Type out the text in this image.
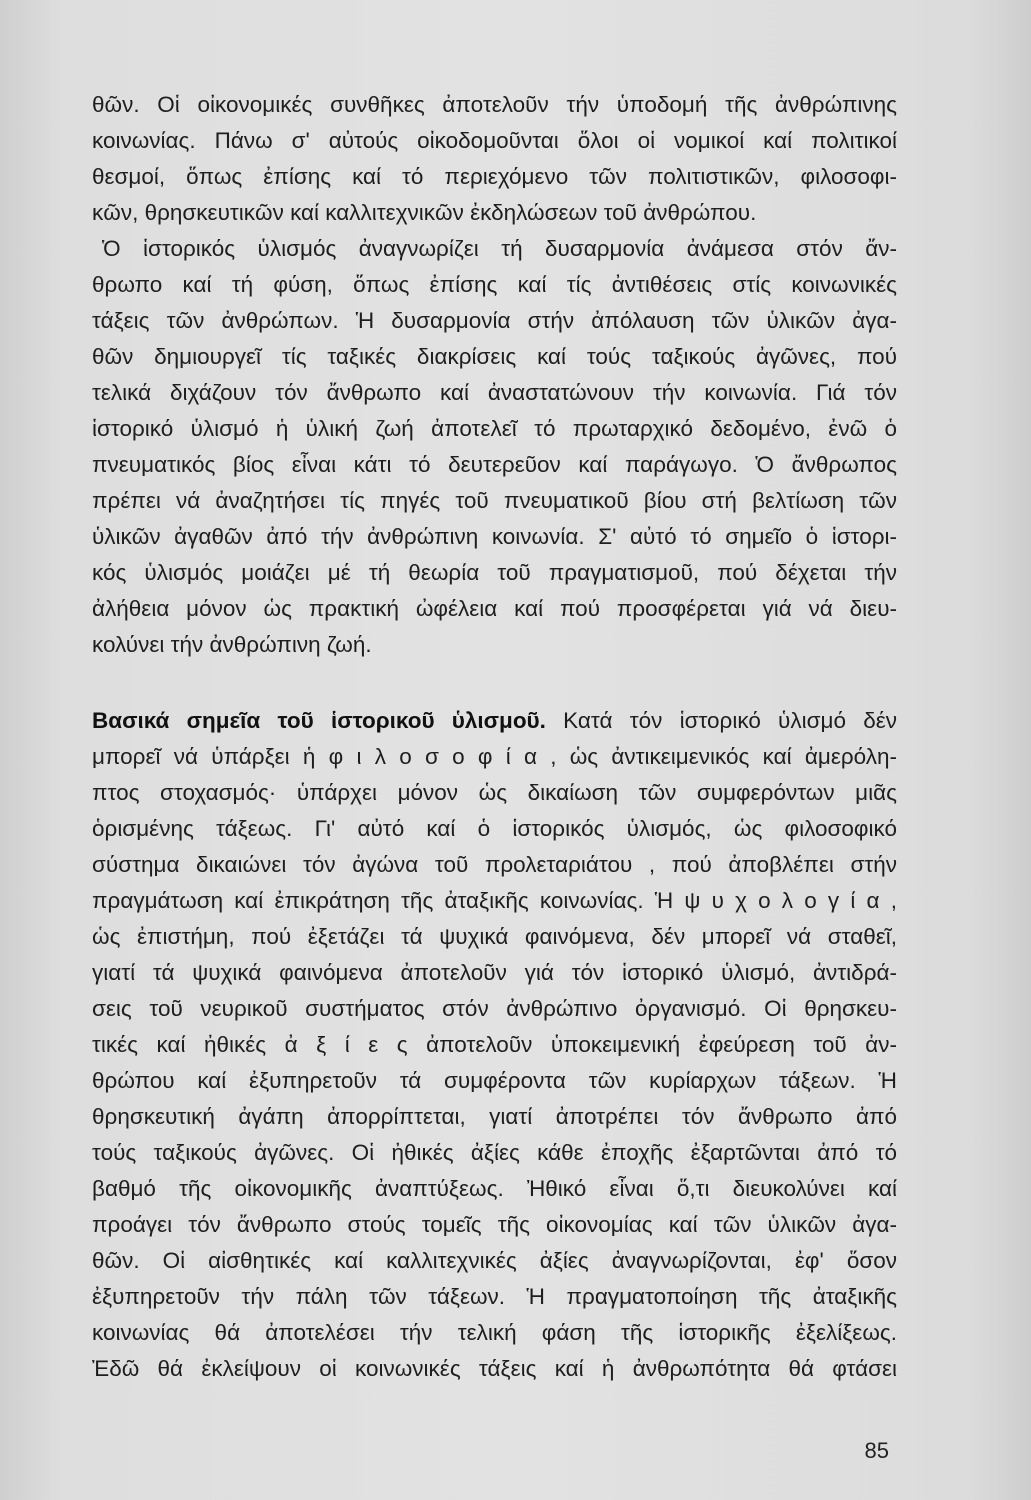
θῶν. Οἱ οἰκονομικές συνθῆκες ἀποτελοῦν τήν ὑποδομή τῆς ἀνθρώπινης
κοινωνίας. Πάνω σ' αὐτούς οἰκοδομοῦνται ὅλοι οἱ νομικοί καί πολιτικοί
θεσμοί, ὅπως ἐπίσης καί τό περιεχόμενο τῶν πολιτιστικῶν, φιλοσοφι-
κῶν, θρησκευτικῶν καί καλλιτεχνικῶν ἐκδηλώσεων τοῦ ἀνθρώπου.
Ὁ ἱστορικός ὑλισμός ἀναγνωρίζει τή δυσαρμονία ἀνάμεσα στόν ἄν-
θρωπο καί τή φύση, ὅπως ἐπίσης καί τίς ἀντιθέσεις στίς κοινωνικές
τάξεις τῶν ἀνθρώπων. Ἡ δυσαρμονία στήν ἀπόλαυση τῶν ὑλικῶν ἀγα-
θῶν δημιουργεῖ τίς ταξικές διακρίσεις καί τούς ταξικούς ἀγῶνες, πού
τελικά διχάζουν τόν ἄνθρωπο καί ἀναστατώνουν τήν κοινωνία. Γιά τόν
ἱστορικό ὑλισμό ἡ ὑλική ζωή ἀποτελεῖ τό πρωταρχικό δεδομένο, ἐνῶ ὁ
πνευματικός βίος εἶναι κάτι τό δευτερεῦον καί παράγωγο. Ὁ ἄνθρωπος
πρέπει νά ἀναζητήσει τίς πηγές τοῦ πνευματικοῦ βίου στή βελτίωση τῶν
ὑλικῶν ἀγαθῶν ἀπό τήν ἀνθρώπινη κοινωνία. Σ' αὐτό τό σημεῖο ὁ ἱστορι-
κός ὑλισμός μοιάζει μέ τή θεωρία τοῦ πραγματισμοῦ, πού δέχεται τήν
ἀλήθεια μόνον ὡς πρακτική ὠφέλεια καί πού προσφέρεται γιά νά διευ-
κολύνει τήν ἀνθρώπινη ζωή.
Βασικά σημεῖα τοῦ ἱστορικοῦ ὑλισμοῦ. Κατά τόν ἱστορικό ὑλισμό δέν
μπορεῖ νά ὑπάρξει ἡ φ ι λ ο σ ο φ ί α , ὡς ἀντικειμενικός καί ἀμερόλη-
πτος στοχασμός· ὑπάρχει μόνον ὡς δικαίωση τῶν συμφερόντων μιᾶς
ὁρισμένης τάξεως. Γι' αὐτό καί ὁ ἱστορικός ὑλισμός, ὡς φιλοσοφικό
σύστημα δικαιώνει τόν ἀγώνα τοῦ προλεταριάτου , πού ἀποβλέπει στήν
πραγμάτωση καί ἐπικράτηση τῆς ἀταξικῆς κοινωνίας. Ἡ ψ υ χ ο λ ο γ ί α ,
ὡς ἐπιστήμη, πού ἐξετάζει τά ψυχικά φαινόμενα, δέν μπορεῖ νά σταθεῖ,
γιατί τά ψυχικά φαινόμενα ἀποτελοῦν γιά τόν ἱστορικό ὑλισμό, ἀντιδρά-
σεις τοῦ νευρικοῦ συστήματος στόν ἀνθρώπινο ὀργανισμό. Οἱ θρησκευ-
τικές καί ἠθικές ἀ ξ ί ε ς ἀποτελοῦν ὑποκειμενική ἐφεύρεση τοῦ ἀν-
θρώπου καί ἐξυπηρετοῦν τά συμφέροντα τῶν κυρίαρχων τάξεων. Ἡ
θρησκευτική ἀγάπη ἀπορρίπτεται, γιατί ἀποτρέπει τόν ἄνθρωπο ἀπό
τούς ταξικούς ἀγῶνες. Οἱ ἠθικές ἀξίες κάθε ἐποχῆς ἐξαρτῶνται ἀπό τό
βαθμό τῆς οἰκονομικῆς ἀναπτύξεως. Ἠθικό εἶναι ὅ,τι διευκολύνει καί
προάγει τόν ἄνθρωπο στούς τομεῖς τῆς οἰκονομίας καί τῶν ὑλικῶν ἀγα-
θῶν. Οἱ αἰσθητικές καί καλλιτεχνικές ἀξίες ἀναγνωρίζονται, ἐφ' ὅσον
ἐξυπηρετοῦν τήν πάλη τῶν τάξεων. Ἡ πραγματοποίηση τῆς ἀταξικῆς
κοινωνίας θά ἀποτελέσει τήν τελική φάση τῆς ἱστορικῆς ἐξελίξεως.
Ἐδῶ θά ἐκλείψουν οἱ κοινωνικές τάξεις καί ἡ ἀνθρωπότητα θά φτάσει
85
